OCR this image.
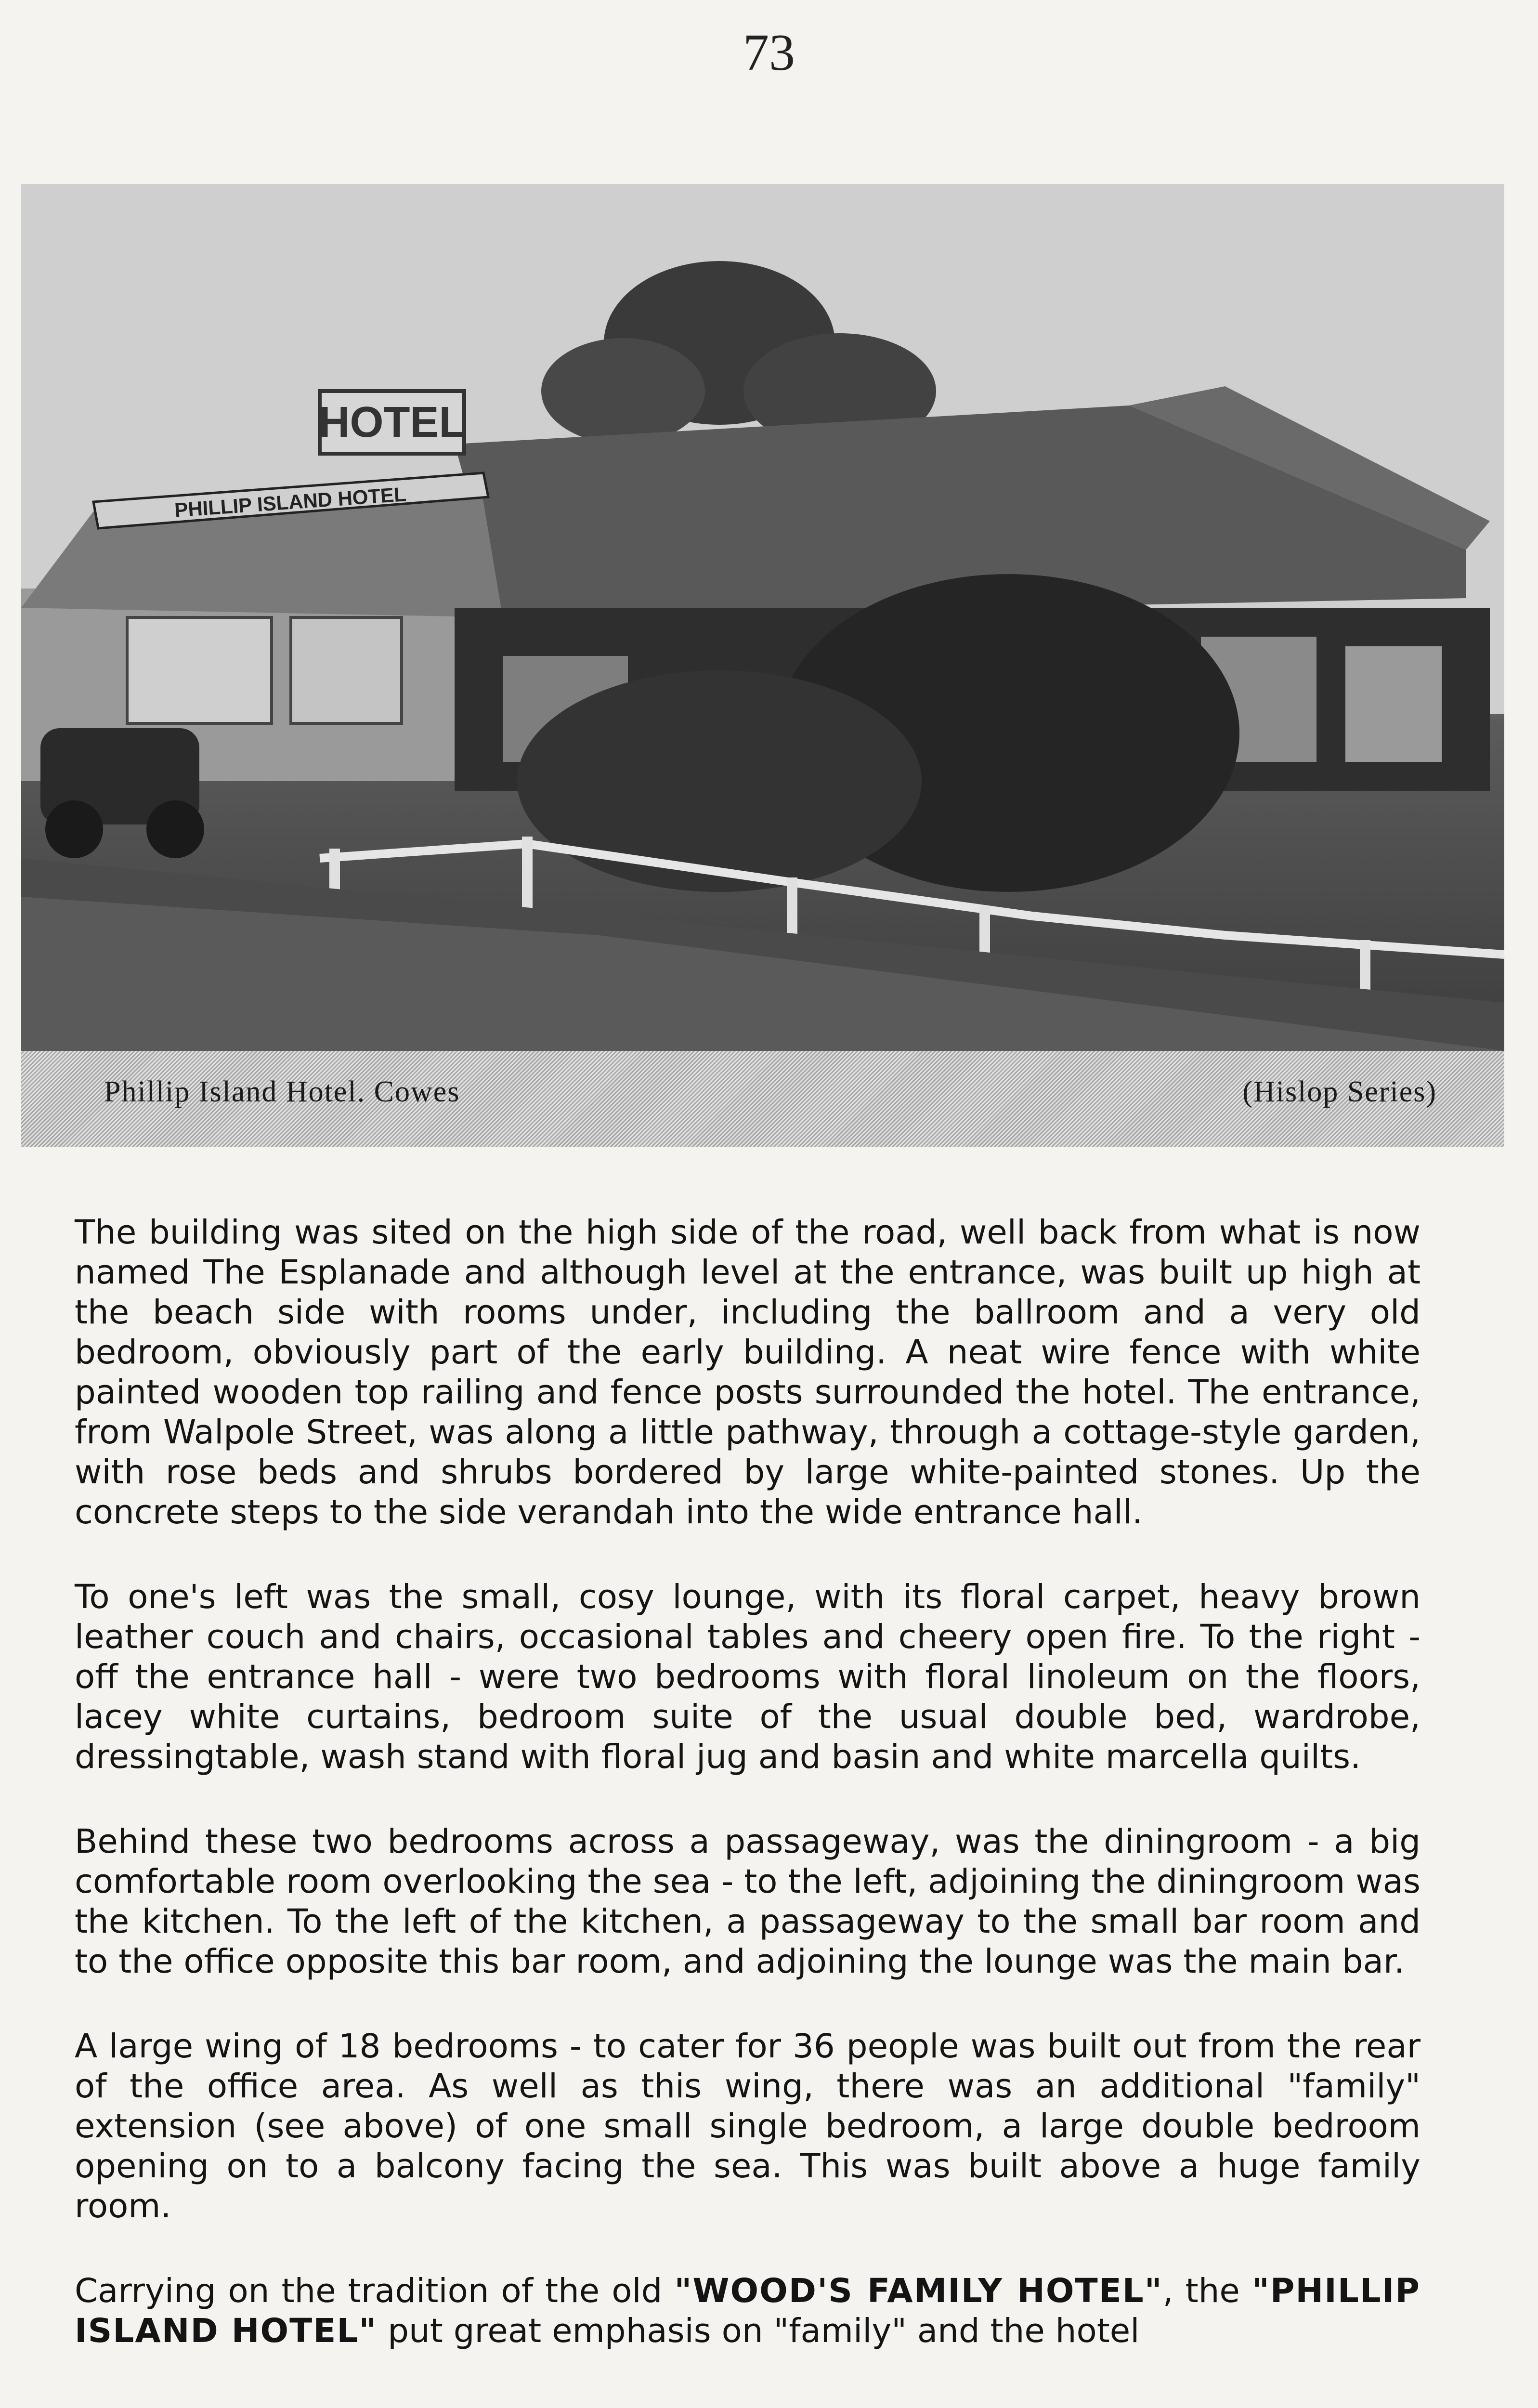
73
HOTEL
PHILLIP ISLAND HOTEL
Phillip Island Hotel. Cowes	(Hislop Series)

The building was sited on the high side of the road, well back from what is now named The Esplanade and although level at the entrance, was built up high at the beach side with rooms under, including the ballroom and a very old bedroom, obviously part of the early building. A neat wire fence with white painted wooden top railing and fence posts surrounded the hotel. The entrance, from Walpole Street, was along a little pathway, through a cottage-style garden, with rose beds and shrubs bordered by large white-painted stones. Up the concrete steps to the side verandah into the wide entrance hall.

To one's left was the small, cosy lounge, with its floral carpet, heavy brown leather couch and chairs, occasional tables and cheery open fire. To the right - off the entrance hall - were two bedrooms with floral linoleum on the floors, lacey white curtains, bedroom suite of the usual double bed, wardrobe, dressingtable, wash stand with floral jug and basin and white marcella quilts.

Behind these two bedrooms across a passageway, was the diningroom - a big comfortable room overlooking the sea - to the left, adjoining the diningroom was the kitchen. To the left of the kitchen, a passageway to the small bar room and to the office opposite this bar room, and adjoining the lounge was the main bar.

A large wing of 18 bedrooms - to cater for 36 people was built out from the rear of the office area. As well as this wing, there was an additional "family" extension (see above) of one small single bedroom, a large double bedroom opening on to a balcony facing the sea. This was built above a huge family room.

Carrying on the tradition of the old "WOOD'S FAMILY HOTEL", the "PHILLIP ISLAND HOTEL" put great emphasis on "family" and the hotel
